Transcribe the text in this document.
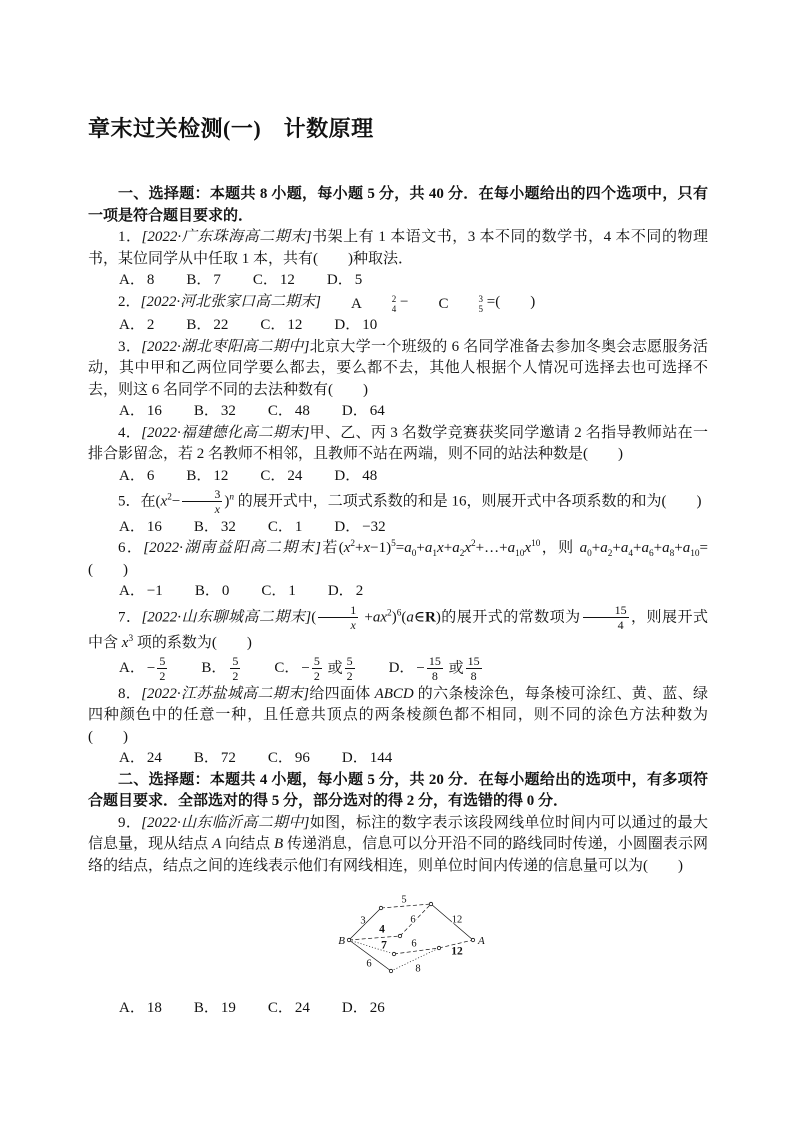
章末过关检测(一)　计数原理

一、选择题：本题共 8 小题，每小题 5 分，共 40 分．在每小题给出的四个选项中，只有一项是符合题目要求的．

1．[2022·广东珠海高二期末]书架上有 1 本语文书，3 本不同的数学书，4 本不同的物理书，某位同学从中任取 1 本，共有(　　)种取法．

A． 8 B． 7 C． 12 D． 5

2．[2022·河北张家口高二期末]	A	2
4 −	C	3
5 =(　　)

A． 2 B． 22 C． 12 D． 10

3．[2022·湖北枣阳高二期中]北京大学一个班级的 6 名同学准备去参加冬奥会志愿服务活动，其中甲和乙两位同学要么都去，要么都不去，其他人根据个人情况可选择去也可选择不去，则这 6 名同学不同的去法种数有(　　)

A． 16 B． 32 C． 48 D． 64

4．[2022·福建德化高二期末]甲、乙、丙 3 名数学竞赛获奖同学邀请 2 名指导教师站在一排合影留念，若 2 名教师不相邻，且教师不站在两端，则不同的站法种数是(　　)

A． 6 B． 12 C． 24 D． 48

5．在$(x^2- \frac{3}{x} )^n$ 的展开式中，二项式系数的和是 16，则展开式中各项系数的和为(　　)

A． 16 B． 32 C． 1 D． −32

6．[2022·湖南益阳高二期末]若$(x^2+x-1)^5=a_0+a_1x+a_2x^2+\dots+a_{10}x^{10}$，则 $a_0+a_2+a_4+a_6+a_8+a_{10}=$(　　)

A． −1 B． 0 C． 1 D． 2

7．[2022·山东聊城高二期末]( $\frac{1}{x}$ $+ax^2)^6(a\in R)$的展开式的常数项为 $\frac{15}{4}$ ，则展开式中含 $x^3$ 项的系数为(　　)

A． − $\frac{5}{2}$ B． $\frac{5}{2}$ C． − $\frac{5}{2}$ 或 $\frac{5}{2}$ D． − $\frac{15}{8}$ 或 $\frac{15}{8}$

8．[2022·江苏盐城高二期末]给四面体 ABCD 的六条棱涂色，每条棱可涂红、黄、蓝、绿四种颜色中的任意一种，且任意共顶点的两条棱颜色都不相同，则不同的涂色方法种数为(　　)

A． 24 B． 72 C． 96 D． 144

二、选择题：本题共 4 小题，每小题 5 分，共 20 分．在每小题给出的选项中，有多项符合题目要求．全部选对的得 5 分，部分选对的得 2 分，有选错的得 0 分．

9．[2022·山东临沂高二期中]如图，标注的数字表示该段网线单位时间内可以通过的最大信息量，现从结点 A 向结点 B 传递消息，信息可以分开沿不同的路线同时传递，小圆圈表示网络的结点，结点之间的连线表示他们有网线相连，则单位时间内传递的信息量可以为(　　)

3
5
12
4
6
7 6
12
6	8
B	A
A． 18 B． 19 C． 24 D． 26
